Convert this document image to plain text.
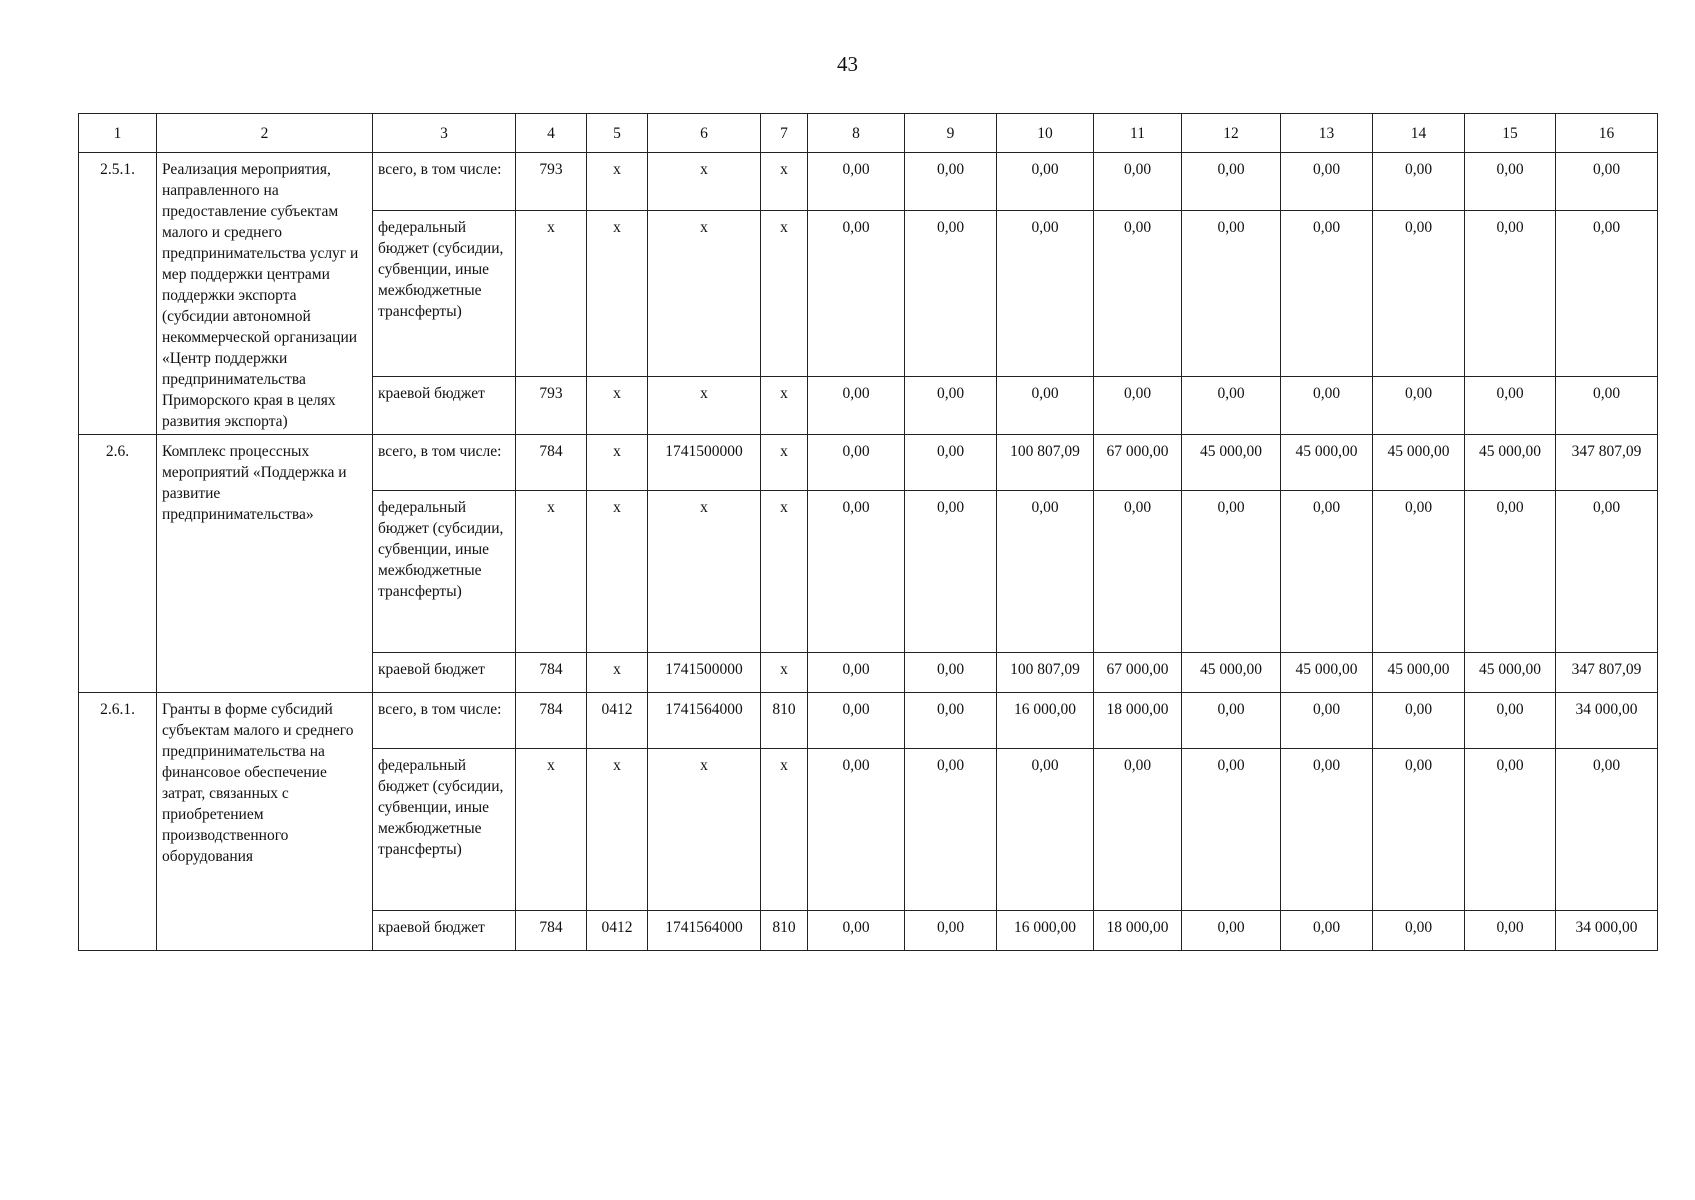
43
1	2	3	4	5	6	7	8	9	10	11	12	13	14	15	16
2.5.1.	Реализация мероприятия, направленного на предоставление субъектам малого и среднего предпринимательства услуг и мер поддержки центрами поддержки экспорта (субсидии автономной некоммерческой организации «Центр поддержки предпринимательства Приморского края в целях развития экспорта)	всего, в том числе:	793	x	x	x	0,00	0,00	0,00	0,00	0,00	0,00	0,00	0,00	0,00
		федеральный бюджет (субсидии, субвенции, иные межбюджетные трансферты)	x	x	x	x	0,00	0,00	0,00	0,00	0,00	0,00	0,00	0,00	0,00
		краевой бюджет	793	x	x	x	0,00	0,00	0,00	0,00	0,00	0,00	0,00	0,00	0,00
2.6.	Комплекс процессных мероприятий «Поддержка и развитие предпринимательства»	всего, в том числе:	784	x	1741500000	x	0,00	0,00	100 807,09	67 000,00	45 000,00	45 000,00	45 000,00	45 000,00	347 807,09
		федеральный бюджет (субсидии, субвенции, иные межбюджетные трансферты)	x	x	x	x	0,00	0,00	0,00	0,00	0,00	0,00	0,00	0,00	0,00
		краевой бюджет	784	x	1741500000	x	0,00	0,00	100 807,09	67 000,00	45 000,00	45 000,00	45 000,00	45 000,00	347 807,09
2.6.1.	Гранты в форме субсидий субъектам малого и среднего предпринимательства на финансовое обеспечение затрат, связанных с приобретением производственного оборудования	всего, в том числе:	784	0412	1741564000	810	0,00	0,00	16 000,00	18 000,00	0,00	0,00	0,00	0,00	34 000,00
		федеральный бюджет (субсидии, субвенции, иные межбюджетные трансферты)	x	x	x	x	0,00	0,00	0,00	0,00	0,00	0,00	0,00	0,00	0,00
		краевой бюджет	784	0412	1741564000	810	0,00	0,00	16 000,00	18 000,00	0,00	0,00	0,00	0,00	34 000,00
